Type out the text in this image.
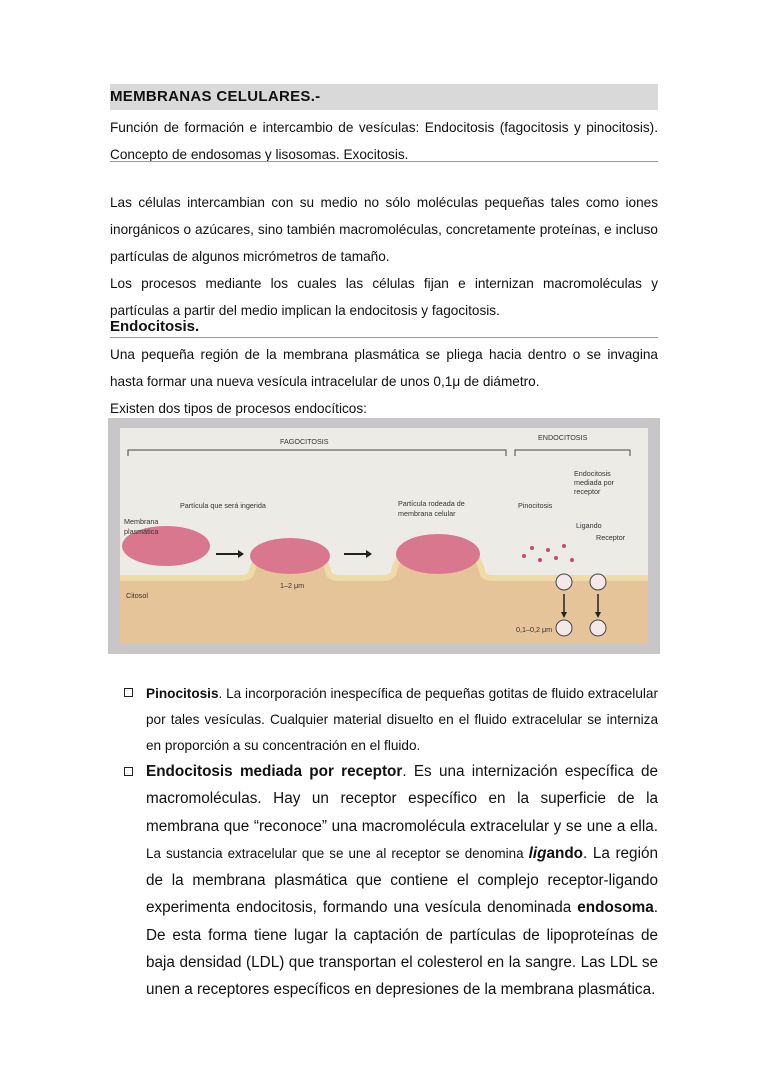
MEMBRANAS CELULARES.-
Función de formación e intercambio de vesículas: Endocitosis (fagocitosis y pinocitosis). Concepto de endosomas y lisosomas. Exocitosis.
Las células intercambian con su medio no sólo moléculas pequeñas tales como iones inorgánicos o azúcares, sino también macromoléculas, concretamente proteínas, e incluso partículas de algunos micrómetros de tamaño.
Los procesos mediante los cuales las células fijan e internizan macromoléculas y partículas a partir del medio implican la endocitosis y fagocitosis.
Endocitosis.
Una pequeña región de la membrana plasmática se pliega hacia dentro o se invagina hasta formar una nueva vesícula intracelular de unos 0,1μ de diámetro.
Existen dos tipos de procesos endocíticos:
FAGOCITOSIS	ENDOCITOSIS
Partícula que será ingerida	Partícula rodeada de
membrana celular
Membrana
plasmática
Pinocitosis
Endocitosis
mediada por
receptor
Ligando
Receptor
Citosol
1–2 μm
0,1–0,2 μm
Pinocitosis. La incorporación inespecífica de pequeñas gotitas de fluido extracelular por tales vesículas. Cualquier material disuelto en el fluido extracelular se interniza en proporción a su concentración en el fluido.
Endocitosis mediada por receptor. Es una internización específica de macromoléculas. Hay un receptor específico en la superficie de la membrana que “reconoce” una macromolécula extracelular y se une a ella. La sustancia extracelular que se une al receptor se denomina ligando. La región de la membrana plasmática que contiene el complejo receptor-ligando experimenta endocitosis, formando una vesícula denominada endosoma. De esta forma tiene lugar la captación de partículas de lipoproteínas de baja densidad (LDL) que transportan el colesterol en la sangre. Las LDL se unen a receptores específicos en depresiones de la membrana plasmática.
